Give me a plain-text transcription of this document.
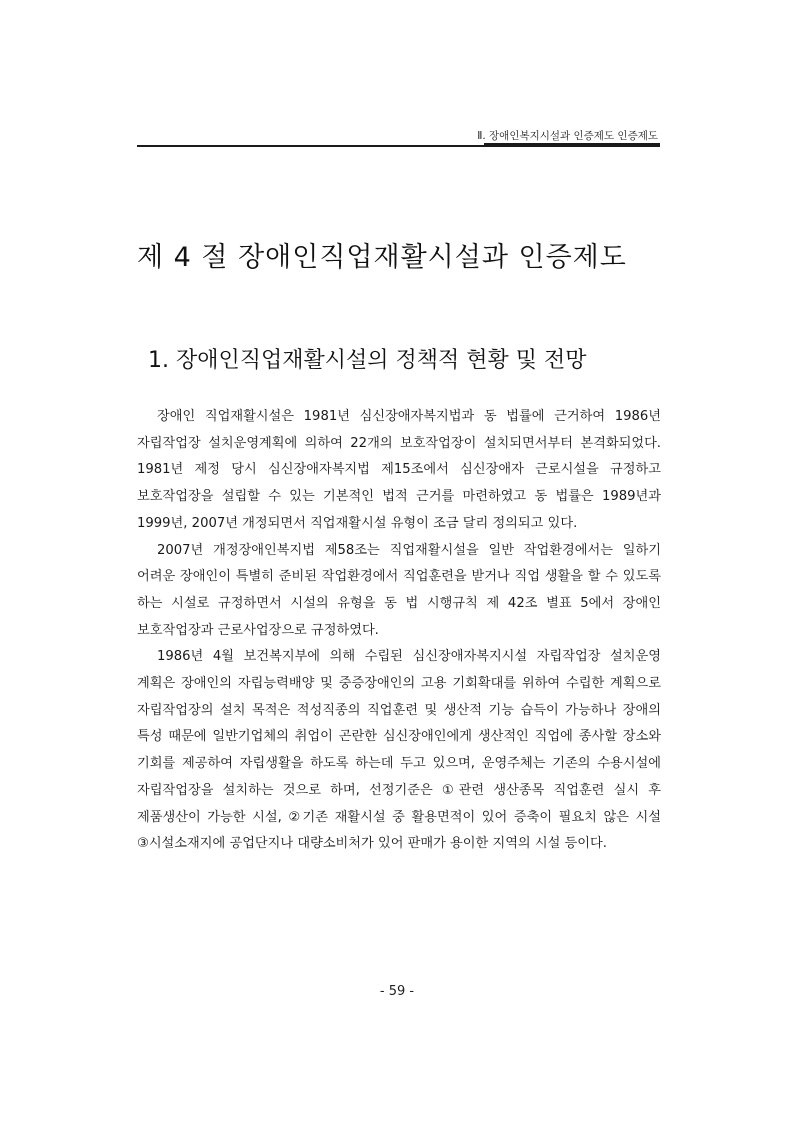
Ⅱ. 장애인복지시설과 인증제도 인증제도
제 4 절 장애인직업재활시설과 인증제도
1. 장애인직업재활시설의 정책적 현황 및 전망

장애인 직업재활시설은 1981년 심신장애자복지법과 동 법률에 근거하여 1986년 자립작업장 설치운영계획에 의하여 22개의 보호작업장이 설치되면서부터 본격화되었다. 1981년 제정 당시 심신장애자복지법 제15조에서 심신장애자 근로시설을 규정하고 보호작업장을 설립할 수 있는 기본적인 법적 근거를 마련하였고 동 법률은 1989년과 1999년, 2007년 개정되면서 직업재활시설 유형이 조금 달리 정의되고 있다.

2007년 개정장애인복지법 제58조는 직업재활시설을 일반 작업환경에서는 일하기 어려운 장애인이 특별히 준비된 작업환경에서 직업훈련을 받거나 직업 생활을 할 수 있도록 하는 시설로 규정하면서 시설의 유형을 동 법 시행규칙 제 42조 별표 5에서 장애인 보호작업장과 근로사업장으로 규정하였다.

1986년 4월 보건복지부에 의해 수립된 심신장애자복지시설 자립작업장 설치운영 계획은 장애인의 자립능력배양 및 중증장애인의 고용 기회확대를 위하여 수립한 계획으로 자립작업장의 설치 목적은 적성직종의 직업훈련 및 생산적 기능 습득이 가능하나 장애의 특성 때문에 일반기업체의 취업이 곤란한 심신장애인에게 생산적인 직업에 종사할 장소와 기회를 제공하여 자립생활을 하도록 하는데 두고 있으며, 운영주체는 기존의 수용시설에 자립작업장을 설치하는 것으로 하며, 선정기준은 ①관련 생산종목 직업훈련 실시 후 제품생산이 가능한 시설, ②기존 재활시설 중 활용면적이 있어 증축이 필요치 않은 시설 ③시설소재지에 공업단지나 대량소비처가 있어 판매가 용이한 지역의 시설 등이다.

- 59 -
